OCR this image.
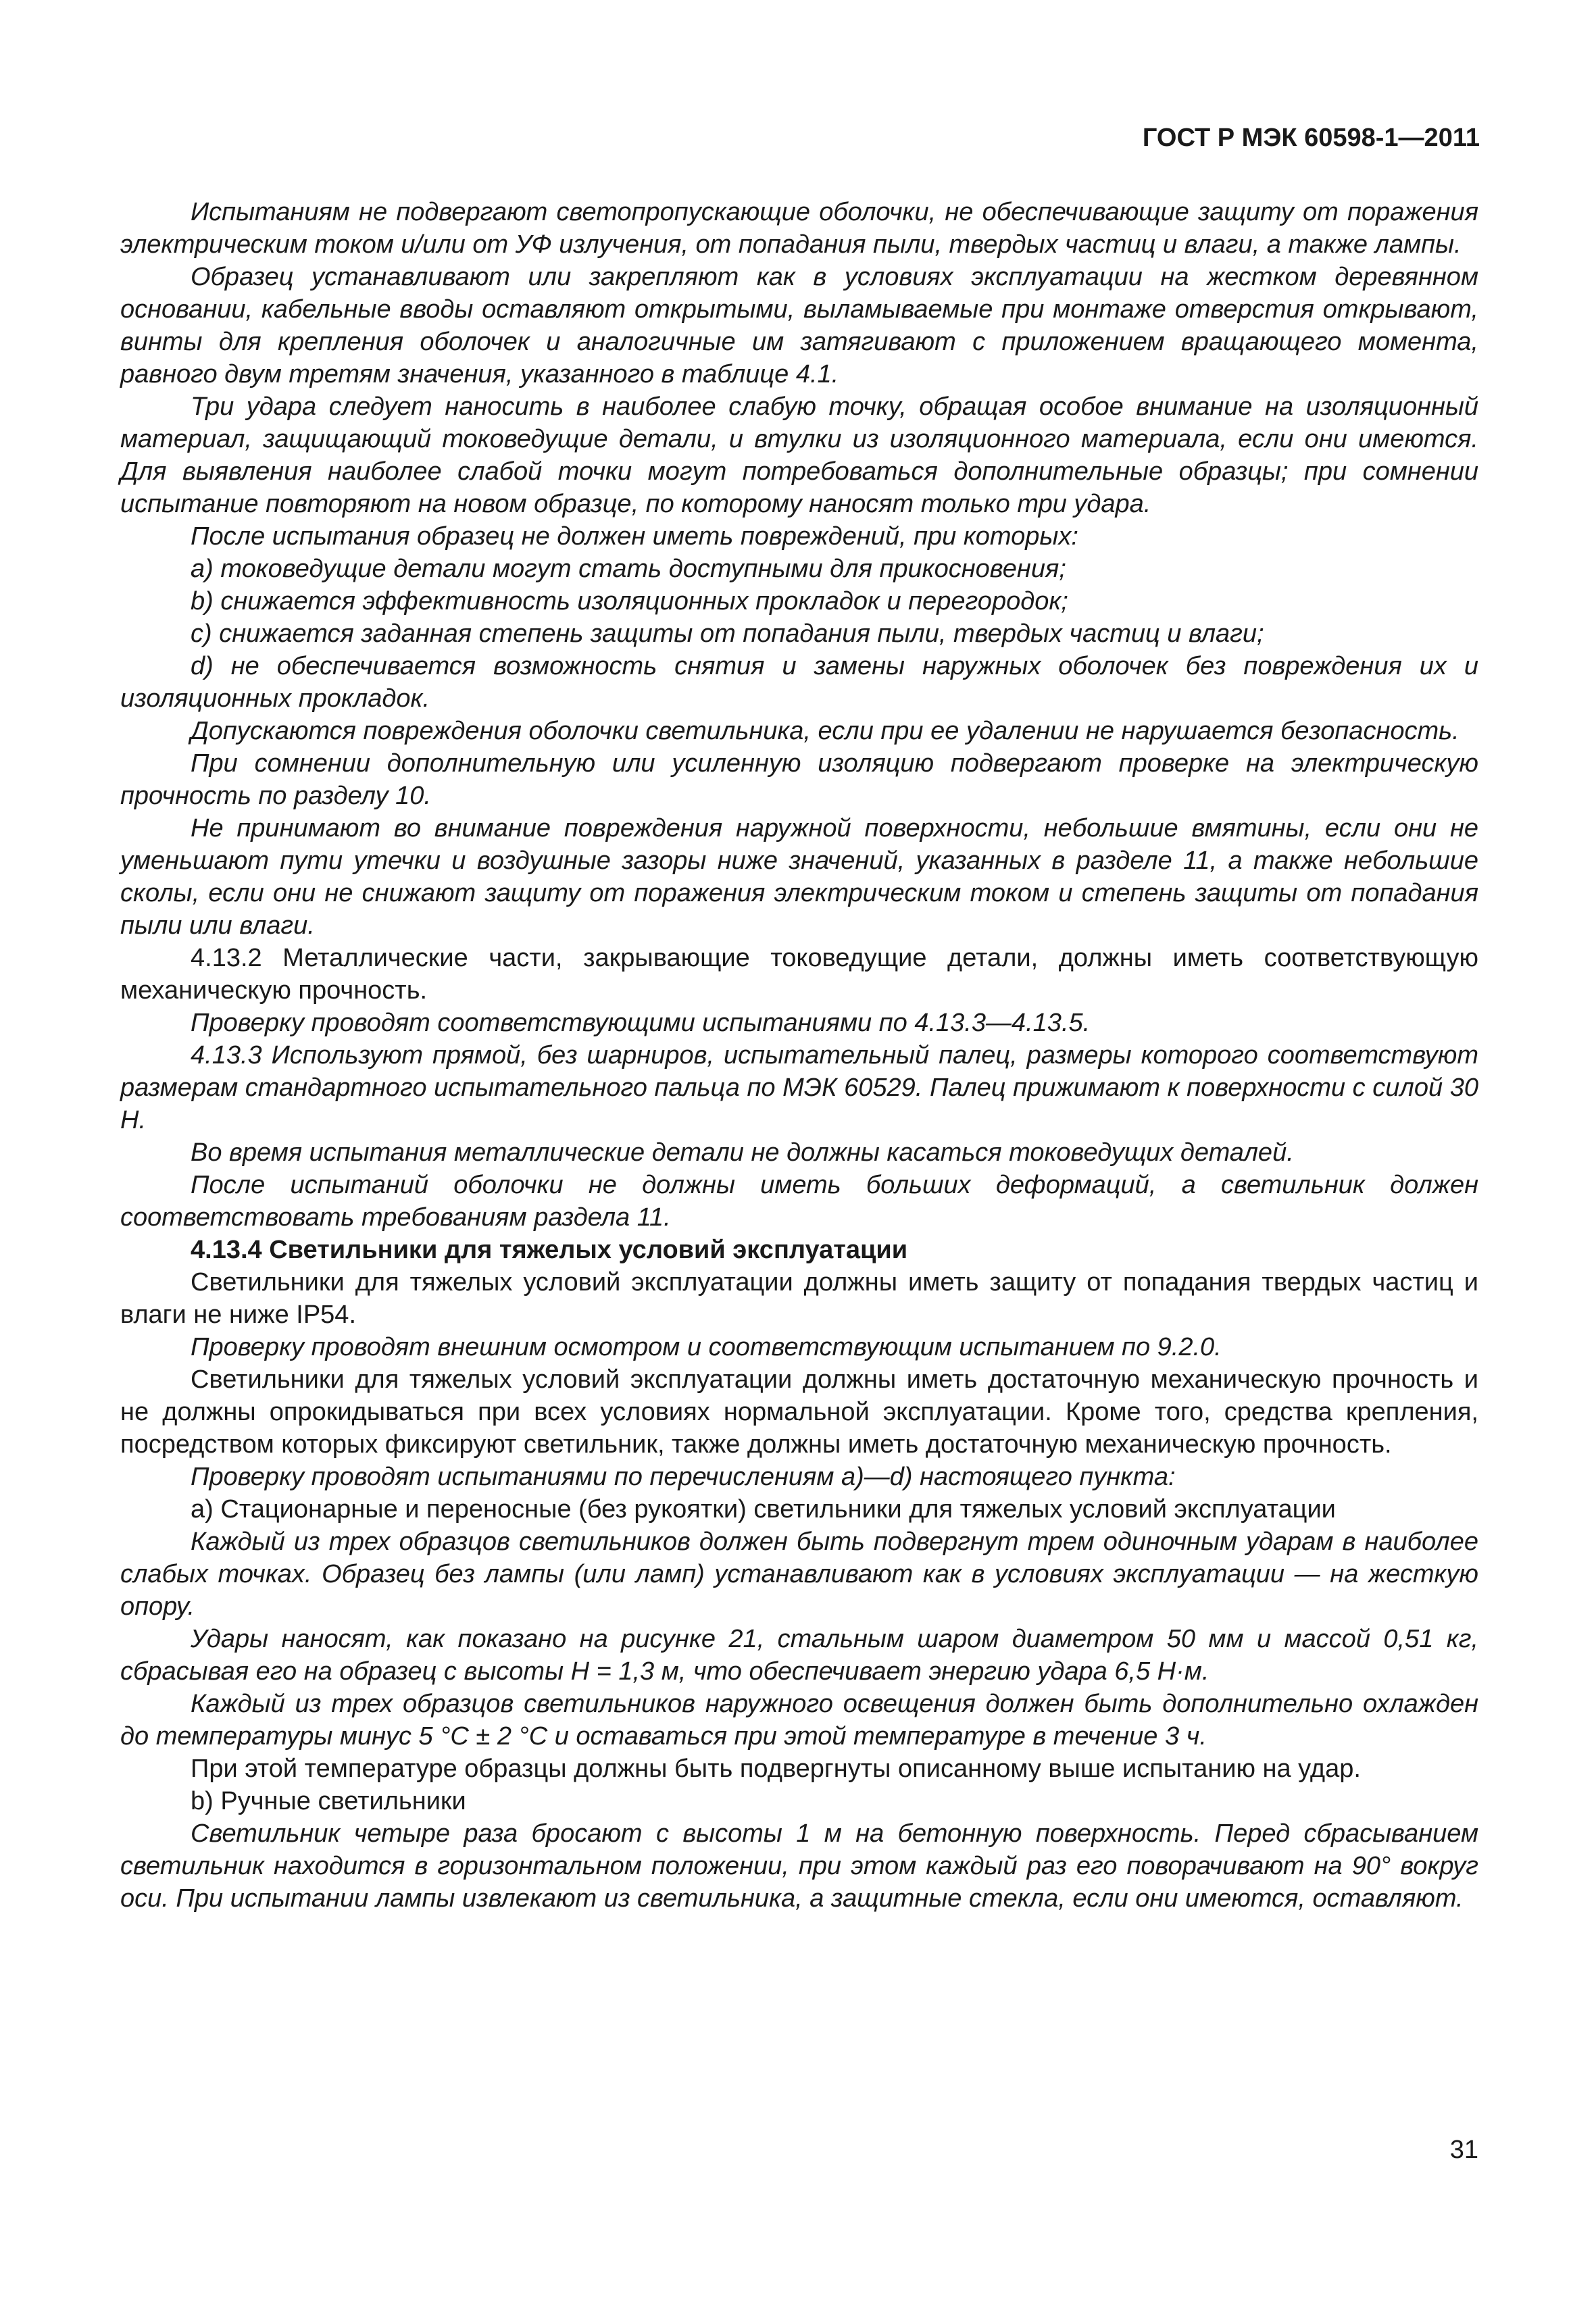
ГОСТ Р МЭК 60598-1—2011

Испытаниям не подвергают светопропускающие оболочки, не обеспечивающие защиту от поражения электрическим током и/или от УФ излучения, от попадания пыли, твердых частиц и влаги, а также лампы.

Образец устанавливают или закрепляют как в условиях эксплуатации на жестком деревянном основании, кабельные вводы оставляют открытыми, выламываемые при монтаже отверстия открывают, винты для крепления оболочек и аналогичные им затягивают с приложением вращающего момента, равного двум третям значения, указанного в таблице 4.1.

Три удара следует наносить в наиболее слабую точку, обращая особое внимание на изоляционный материал, защищающий токоведущие детали, и втулки из изоляционного материала, если они имеются. Для выявления наиболее слабой точки могут потребоваться дополнительные образцы; при сомнении испытание повторяют на новом образце, по которому наносят только три удара.

После испытания образец не должен иметь повреждений, при которых:

a) токоведущие детали могут стать доступными для прикосновения;

b) снижается эффективность изоляционных прокладок и перегородок;

c) снижается заданная степень защиты от попадания пыли, твердых частиц и влаги;

d) не обеспечивается возможность снятия и замены наружных оболочек без повреждения их и изоляционных прокладок.

Допускаются повреждения оболочки светильника, если при ее удалении не нарушается безопасность.

При сомнении дополнительную или усиленную изоляцию подвергают проверке на электрическую прочность по разделу 10.

Не принимают во внимание повреждения наружной поверхности, небольшие вмятины, если они не уменьшают пути утечки и воздушные зазоры ниже значений, указанных в разделе 11, а также небольшие сколы, если они не снижают защиту от поражения электрическим током и степень защиты от попадания пыли или влаги.

4.13.2 Металлические части, закрывающие токоведущие детали, должны иметь соответствующую механическую прочность.

Проверку проводят соответствующими испытаниями по 4.13.3—4.13.5.

4.13.3 Используют прямой, без шарниров, испытательный палец, размеры которого соответствуют размерам стандартного испытательного пальца по МЭК 60529. Палец прижимают к поверхности с силой 30 Н.

Во время испытания металлические детали не должны касаться токоведущих деталей.

После испытаний оболочки не должны иметь больших деформаций, а светильник должен соответствовать требованиям раздела 11.

4.13.4 Светильники для тяжелых условий эксплуатации

Светильники для тяжелых условий эксплуатации должны иметь защиту от попадания твердых частиц и влаги не ниже IP54.

Проверку проводят внешним осмотром и соответствующим испытанием по 9.2.0.

Светильники для тяжелых условий эксплуатации должны иметь достаточную механическую прочность и не должны опрокидываться при всех условиях нормальной эксплуатации. Кроме того, средства крепления, посредством которых фиксируют светильник, также должны иметь достаточную механическую прочность.

Проверку проводят испытаниями по перечислениям а)—d) настоящего пункта:

a) Стационарные и переносные (без рукоятки) светильники для тяжелых условий эксплуатации

Каждый из трех образцов светильников должен быть подвергнут трем одиночным ударам в наиболее слабых точках. Образец без лампы (или ламп) устанавливают как в условиях эксплуатации — на жесткую опору.

Удары наносят, как показано на рисунке 21, стальным шаром диаметром 50 мм и массой 0,51 кг, сбрасывая его на образец с высоты Н = 1,3 м, что обеспечивает энергию удара 6,5 Н·м.

Каждый из трех образцов светильников наружного освещения должен быть дополнительно охлажден до температуры минус 5 °С ± 2 °С и оставаться при этой температуре в течение 3 ч.

При этой температуре образцы должны быть подвергнуты описанному выше испытанию на удар.

b) Ручные светильники

Светильник четыре раза бросают с высоты 1 м на бетонную поверхность. Перед сбрасыванием светильник находится в горизонтальном положении, при этом каждый раз его поворачивают на 90° вокруг оси. При испытании лампы извлекают из светильника, а защитные стекла, если они имеются, оставляют.

31
